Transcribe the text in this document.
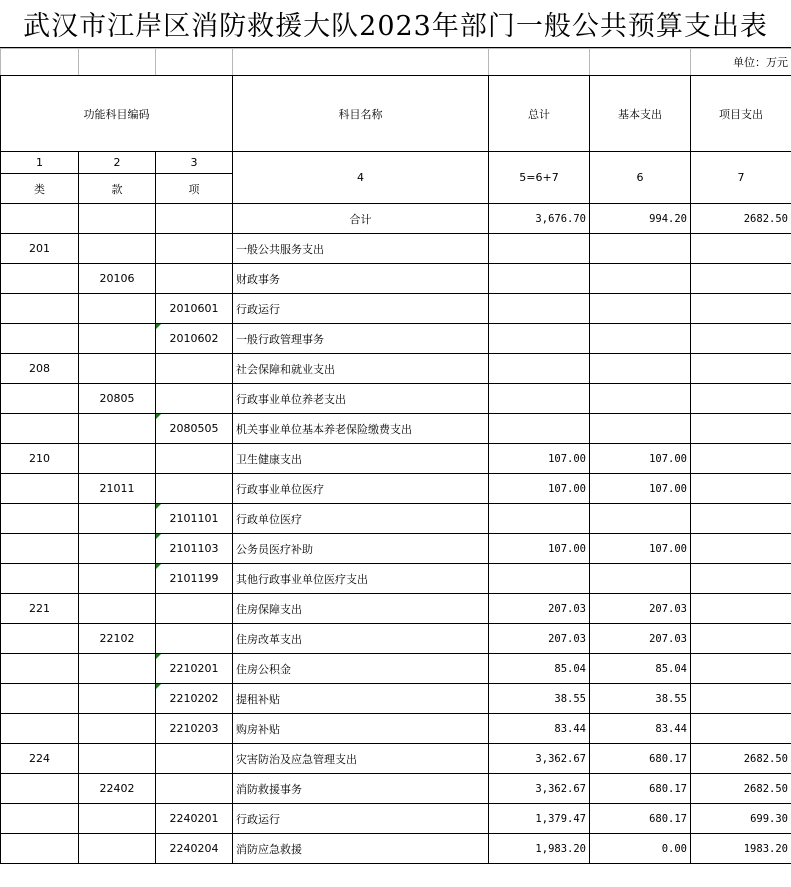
武汉市江岸区消防救援大队2023年部门一般公共预算支出表
						单位：万元
功能科目编码			科目名称	总计	基本支出	项目支出
1	2	3	4	5=6+7	6	7
类	款	项				
			合计	3,676.70	994.20	2682.50
201			一般公共服务支出			
	20106		财政事务			
		2010601	行政运行			
		2010602	一般行政管理事务			
208			社会保障和就业支出			
	20805		行政事业单位养老支出			
		2080505	机关事业单位基本养老保险缴费支出			
210			卫生健康支出	107.00	107.00	
	21011		行政事业单位医疗	107.00	107.00	
		2101101	行政单位医疗			
		2101103	公务员医疗补助	107.00	107.00	
		2101199	其他行政事业单位医疗支出			
221			住房保障支出	207.03	207.03	
	22102		住房改革支出	207.03	207.03	
		2210201	住房公积金	85.04	85.04	
		2210202	提租补贴	38.55	38.55	
		2210203	购房补贴	83.44	83.44	
224			灾害防治及应急管理支出	3,362.67	680.17	2682.50
	22402		消防救援事务	3,362.67	680.17	2682.50
		2240201	行政运行	1,379.47	680.17	699.30
		2240204	消防应急救援	1,983.20	0.00	1983.20
